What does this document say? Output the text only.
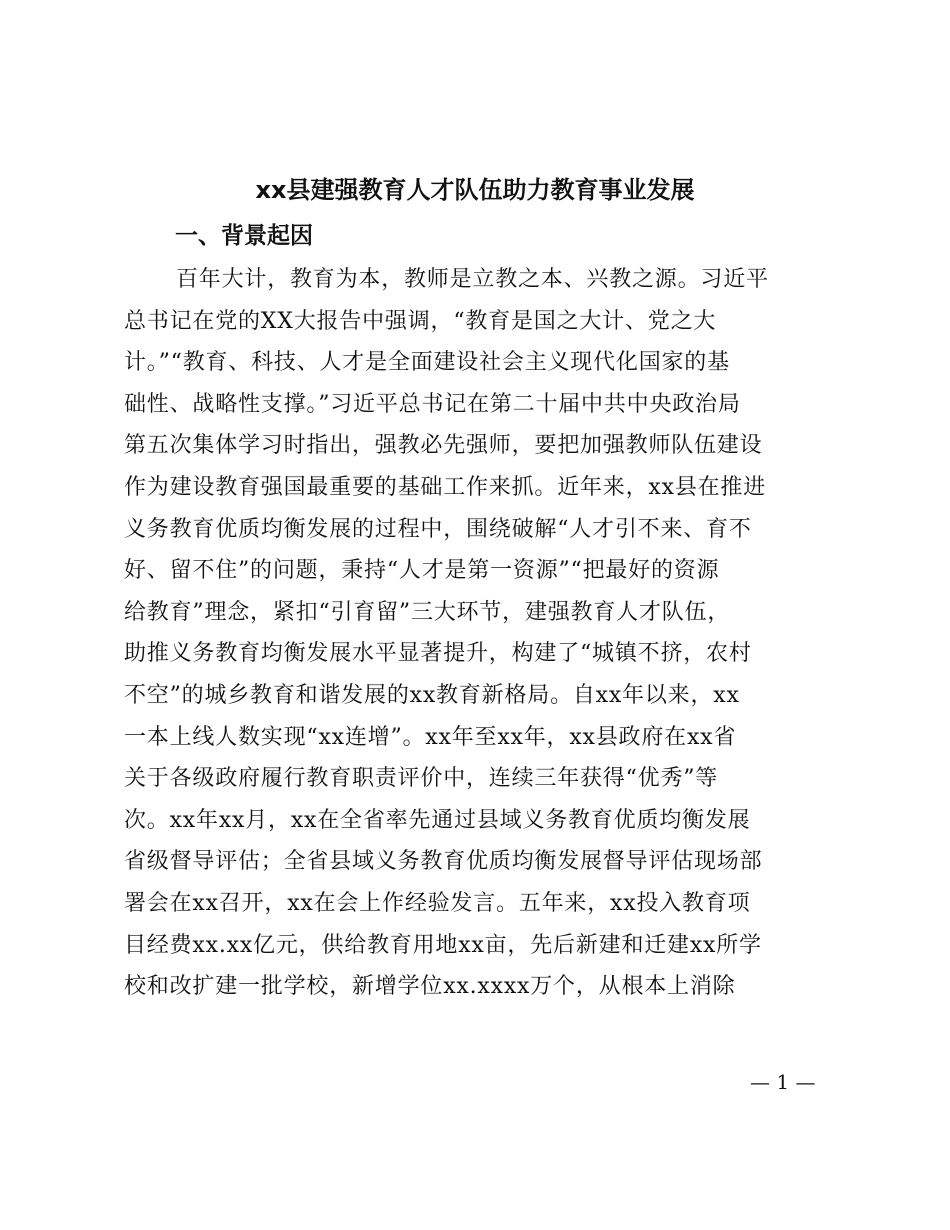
xx县建强教育人才队伍助力教育事业发展
一、背景起因
百年大计，教育为本，教师是立教之本、兴教之源。习近平
总书记在党的XX大报告中强调，“教育是国之大计、党之大
计。”“教育、科技、人才是全面建设社会主义现代化国家的基
础性、战略性支撑。”习近平总书记在第二十届中共中央政治局
第五次集体学习时指出，强教必先强师，要把加强教师队伍建设
作为建设教育强国最重要的基础工作来抓。近年来，xx县在推进
义务教育优质均衡发展的过程中，围绕破解“人才引不来、育不
好、留不住”的问题，秉持“人才是第一资源”“把最好的资源
给教育”理念，紧扣“引育留”三大环节，建强教育人才队伍，
助推义务教育均衡发展水平显著提升，构建了“城镇不挤，农村
不空”的城乡教育和谐发展的xx教育新格局。自xx年以来，xx
一本上线人数实现“xx连增”。xx年至xx年，xx县政府在xx省
关于各级政府履行教育职责评价中，连续三年获得“优秀”等
次。xx年xx月，xx在全省率先通过县域义务教育优质均衡发展
省级督导评估；全省县域义务教育优质均衡发展督导评估现场部
署会在xx召开，xx在会上作经验发言。五年来，xx投入教育项
目经费xx.xx亿元，供给教育用地xx亩，先后新建和迁建xx所学
校和改扩建一批学校，新增学位xx.xxxx万个，从根本上消除
— 1 —
